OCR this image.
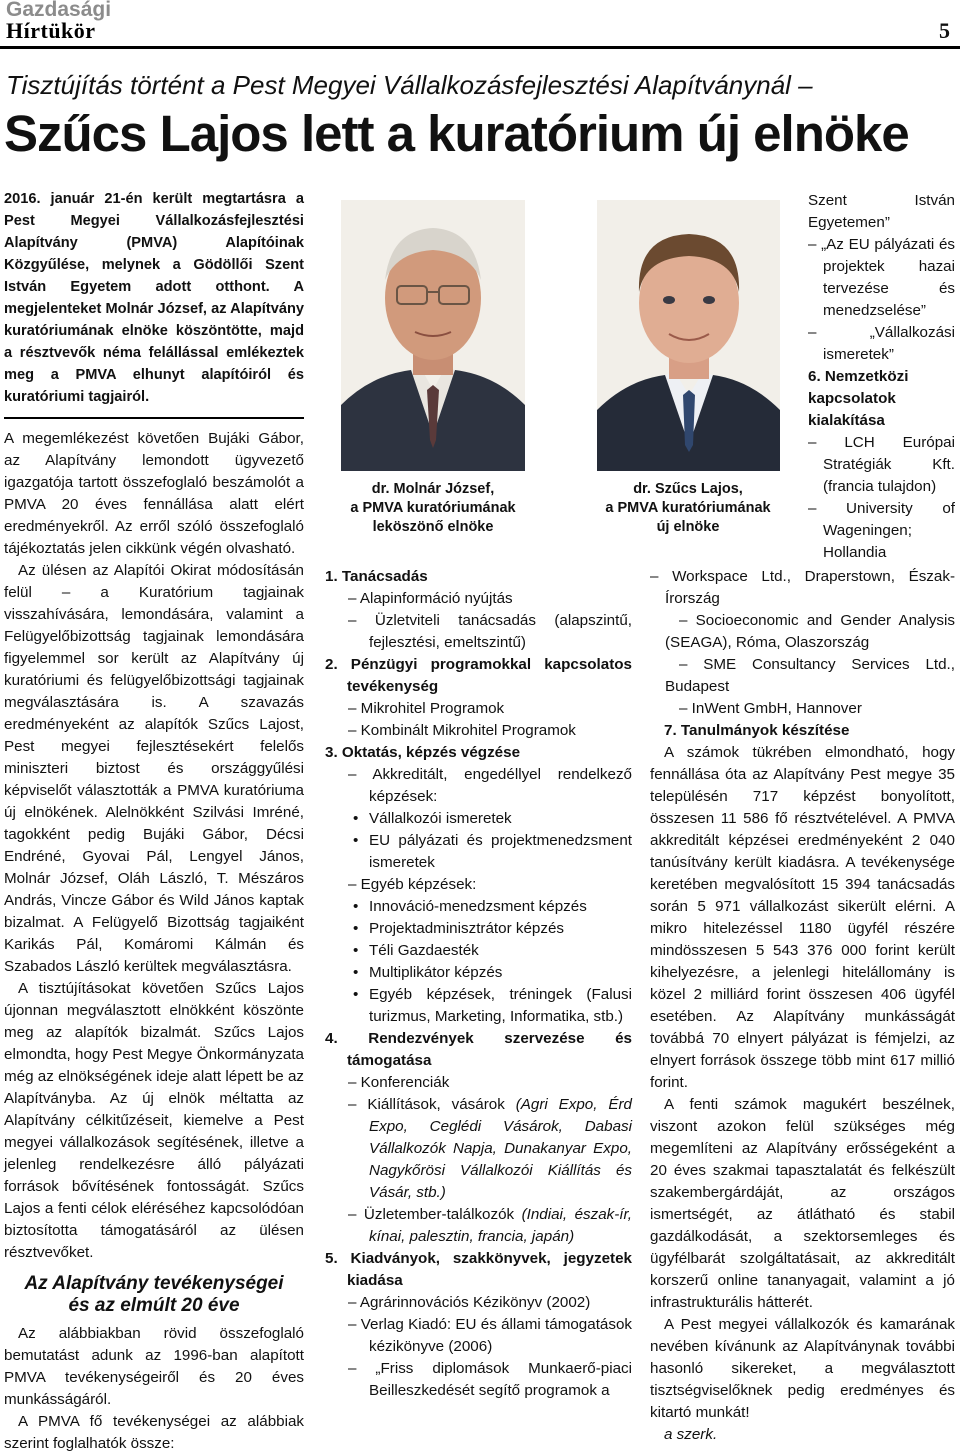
Gazdasági
Hírtükör	5
Tisztújítás történt a Pest Megyei Vállalkozásfejlesztési Alapítványnál –
Szűcs Lajos lett a kuratórium új elnöke
2016. január 21-én került megtartásra a Pest Megyei Vállalkozásfejlesztési Alapítvány (PMVA) Alapítóinak Közgyűlése, melynek a Gödöllői Szent István Egyetem adott otthont. A megjelenteket Molnár József, az Alapítvány kuratóriumának elnöke köszöntötte, majd a résztvevők néma felállással emlékeztek meg a PMVA elhunyt alapítóiról és kuratóriumi tagjairól.

A megemlékezést követően Bujáki Gábor, az Alapítvány lemondott ügyvezető igazgatója tartott összefoglaló beszámolót a PMVA 20 éves fennállása alatt elért eredményekről. Az erről szóló összefoglaló tájékoztatás jelen cikkünk végén olvasható.

Az ülésen az Alapítói Okirat módosításán felül – a Kuratórium tagjainak visszahívására, lemondására, valamint a Felügyelőbizottság tagjainak lemondására figyelemmel sor került az Alapítvány új kuratóriumi és felügyelőbizottsági tagjainak megválasztására is. A szavazás eredményeként az alapítók Szűcs Lajost, Pest megyei fejlesztésekért felelős miniszteri biztost és országgyűlési képviselőt választották a PMVA kuratóriuma új elnökének. Alelnökként Szilvási Imréné, tagokként pedig Bujáki Gábor, Décsi Endréné, Gyovai Pál, Lengyel János, Molnár József, Oláh László, T. Mészáros András, Vincze Gábor és Wild János kaptak bizalmat. A Felügyelő Bizottság tagjaiként Karikás Pál, Komáromi Kálmán és Szabados László kerültek megválasztásra.

A tisztújításokat követően Szűcs Lajos újonnan megválasztott elnökként köszönte meg az alapítók bizalmát. Szűcs Lajos elmondta, hogy Pest Megye Önkormányzata még az elnökségének ideje alatt lépett be az Alapítványba. Az új elnök méltatta az Alapítvány célkitűzéseit, kiemelve a Pest megyei vállalkozások segítésének, illetve a jelenleg rendelkezésre álló pályázati források bővítésének fontosságát. Szűcs Lajos a fenti célok eléréséhez kapcsolódóan biztosította támogatásáról az ülésen résztvevőket.

Az Alapítvány tevékenységei
és az elmúlt 20 éve

Az alábbiakban rövid összefoglaló bemutatást adunk az 1996-ban alapított PMVA tevékenységeiről és 20 éves munkásságáról.

A PMVA fő tevékenységei az alábbiak szerint foglalhatók össze:

dr. Molnár József,
a PMVA kuratóriumának
leköszönő elnöke
dr. Szűcs Lajos,
a PMVA kuratóriumának
új elnöke

Szent István Egyetemen”

– „Az EU pályázati és projektek hazai tervezése és menedzselése”

– „Vállalkozási ismeretek”

6. Nemzetközi kapcsolatok kialakítása

– LCH Európai Stratégiák Kft. (francia tulajdon)

– University of Wageningen; Hollandia

1. Tanácsadás
– Alapinformáció nyújtás
– Üzletviteli tanácsadás (alapszintű, fejlesztési, emeltszintű)
2. Pénzügyi programokkal kapcsolatos tevékenység
– Mikrohitel Programok
– Kombinált Mikrohitel Programok
3. Oktatás, képzés végzése
– Akkreditált, engedéllyel rendelkező képzések:
• Vállalkozói ismeretek
• EU pályázati és projektmenedzsment ismeretek
– Egyéb képzések:
• Innováció-menedzsment képzés
• Projektadminisztrátor képzés
• Téli Gazdaesték
• Multiplikátor képzés
• Egyéb képzések, tréningek (Falusi turizmus, Marketing, Informatika, stb.)
4. Rendezvények szervezése és támogatása
– Konferenciák
– Kiállítások, vásárok (Agri Expo, Érd Expo, Ceglédi Vásárok, Dabasi Vállalkozók Napja, Dunakanyar Expo, Nagykőrösi Vállalkozói Kiállítás és Vásár, stb.)
– Üzletember-találkozók (Indiai, észak-ír, kínai, palesztin, francia, japán)
5. Kiadványok, szakkönyvek, jegyzetek kiadása
– Agrárinnovációs Kézikönyv (2002)
– Verlag Kiadó: EU és állami támogatások kézikönyve (2006)
– „Friss diplomások Munkaerő-piaci Beilleszkedését segítő programok a

– Workspace Ltd., Draperstown, Észak-Írország

– Socioeconomic and Gender Analysis (SEAGA), Róma, Olaszország

– SME Consultancy Services Ltd., Budapest

– InWent GmbH, Hannover

7. Tanulmányok készítése

A számok tükrében elmondható, hogy fennállása óta az Alapítvány Pest megye 35 településén 717 képzést bonyolított, összesen 11 586 fő résztvételével. A PMVA akkreditált képzései eredményeként 2 040 tanúsítvány került kiadásra. A tevékenysége keretében megvalósított 15 394 tanácsadás során 5 971 vállalkozást sikerült elérni. A mikro hitelezéssel 1180 ügyfél részére mindösszesen 5 543 376 000 forint került kihelyezésre, a jelenlegi hitelállomány is közel 2 milliárd forint összesen 406 ügyfél esetében. Az Alapítvány munkásságát továbbá 70 elnyert pályázat is fémjelzi, az elnyert források összege több mint 617 millió forint.

A fenti számok magukért beszélnek, viszont azokon felül szükséges még megemlíteni az Alapítvány erősségeként a 20 éves szakmai tapasztalatát és felkészült szakembergárdáját, az országos ismertségét, az átlátható és stabil gazdálkodását, a szektorsemleges és ügyfélbarát szolgáltatásait, az akkreditált korszerű online tananyagait, valamint a jó infrastrukturális hátterét.

A Pest megyei vállalkozók és kamarának nevében kívánunk az Alapítványnak további hasonló sikereket, a megválasztott tisztségviselőknek pedig eredményes és kitartó munkát!

a szerk.
